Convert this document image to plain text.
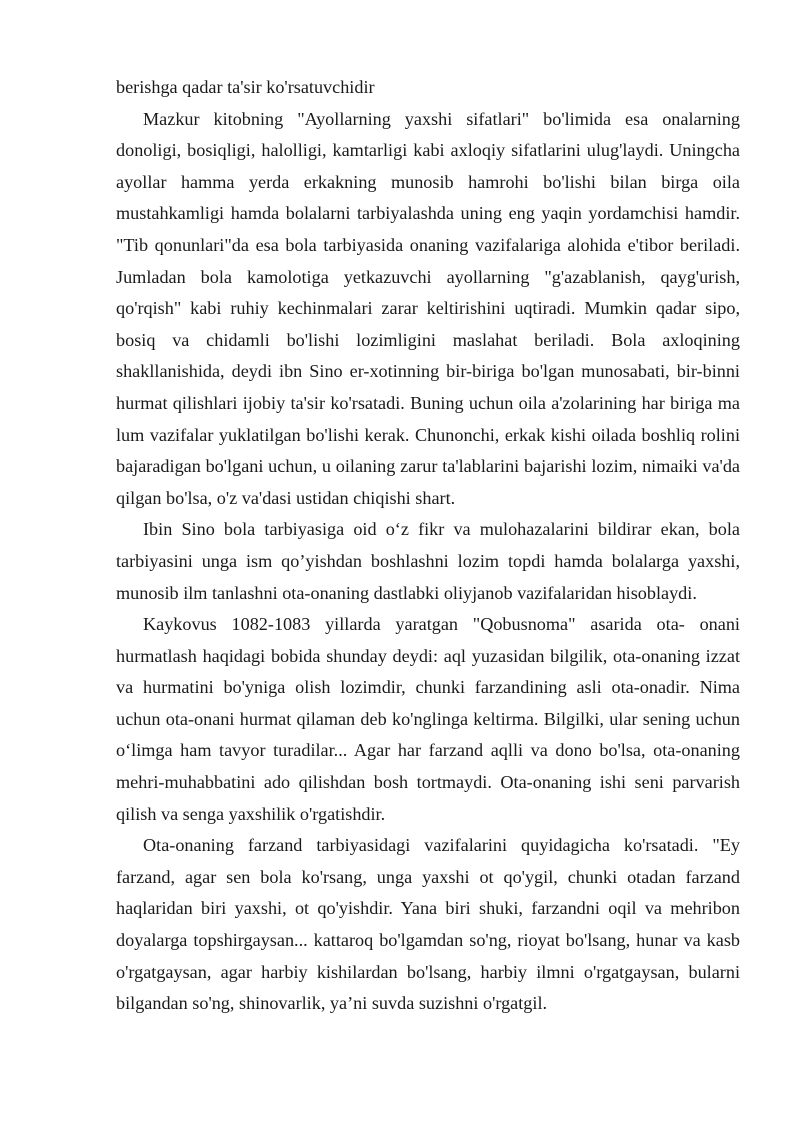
berishga qadar ta'sir ko'rsatuvchidir

Mazkur kitobning "Ayollarning yaxshi sifatlari" bo'limida esa onalarning donoligi, bosiqligi, halolligi, kamtarligi kabi axloqiy sifatlarini ulug'laydi. Uningcha ayollar hamma yerda erkakning munosib hamrohi bo'lishi bilan birga oila mustahkamligi hamda bolalarni tarbiyalashda uning eng yaqin yordamchisi hamdir. "Tib qonunlari"da esa bola tarbiyasida onaning vazifalariga alohida e'tibor beriladi. Jumladan bola kamolotiga yetkazuvchi ayollarning "g'azablanish, qayg'urish, qo'rqish" kabi ruhiy kechinmalari zarar keltirishini uqtiradi. Mumkin qadar sipo, bosiq va chidamli bo'lishi lozimligini maslahat beriladi. Bola axloqining shakllanishida, deydi ibn Sino er-xotinning bir-biriga bo'lgan munosabati, bir-binni hurmat qilishlari ijobiy ta'sir ko'rsatadi. Buning uchun oila a'zolarining har biriga ma lum vazifalar yuklatilgan bo'lishi kerak. Chunonchi, erkak kishi oilada boshliq rolini bajaradigan bo'lgani uchun, u oilaning zarur ta'lablarini bajarishi lozim, nimaiki va'da qilgan bo'lsa, o'z va'dasi ustidan chiqishi shart.

Ibin Sino bola tarbiyasiga oid o‘z fikr va mulohazalarini bildirar ekan, bola tarbiyasini unga ism qo’yishdan boshlashni lozim topdi hamda bolalarga yaxshi, munosib ilm tanlashni ota-onaning dastlabki oliyjanob vazifalaridan hisoblaydi.

Kaykovus 1082-1083 yillarda yaratgan "Qobusnoma" asarida ota- onani hurmatlash haqidagi bobida shunday deydi: aql yuzasidan bilgilik, ota-onaning izzat va hurmatini bo'yniga olish lozimdir, chunki farzandining asli ota-onadir. Nima uchun ota-onani hurmat qilaman deb ko'nglinga keltirma. Bilgilki, ular sening uchun o‘limga ham tavyor turadilar... Agar har farzand aqlli va dono bo'lsa, ota-onaning mehri-muhabbatini ado qilishdan bosh tortmaydi. Ota-onaning ishi seni parvarish qilish va senga yaxshilik o'rgatishdir.

Ota-onaning farzand tarbiyasidagi vazifalarini quyidagicha ko'rsatadi. "Ey farzand, agar sen bola ko'rsang, unga yaxshi ot qo'ygil, chunki otadan farzand haqlaridan biri yaxshi, ot qo'yishdir. Yana biri shuki, farzandni oqil va mehribon doyalarga topshirgaysan... kattaroq bo'lgamdan so'ng, rioyat bo'lsang, hunar va kasb o'rgatgaysan, agar harbiy kishilardan bo'lsang, harbiy ilmni o'rgatgaysan, bularni bilgandan so'ng, shinovarlik, ya’ni suvda suzishni o'rgatgil.
